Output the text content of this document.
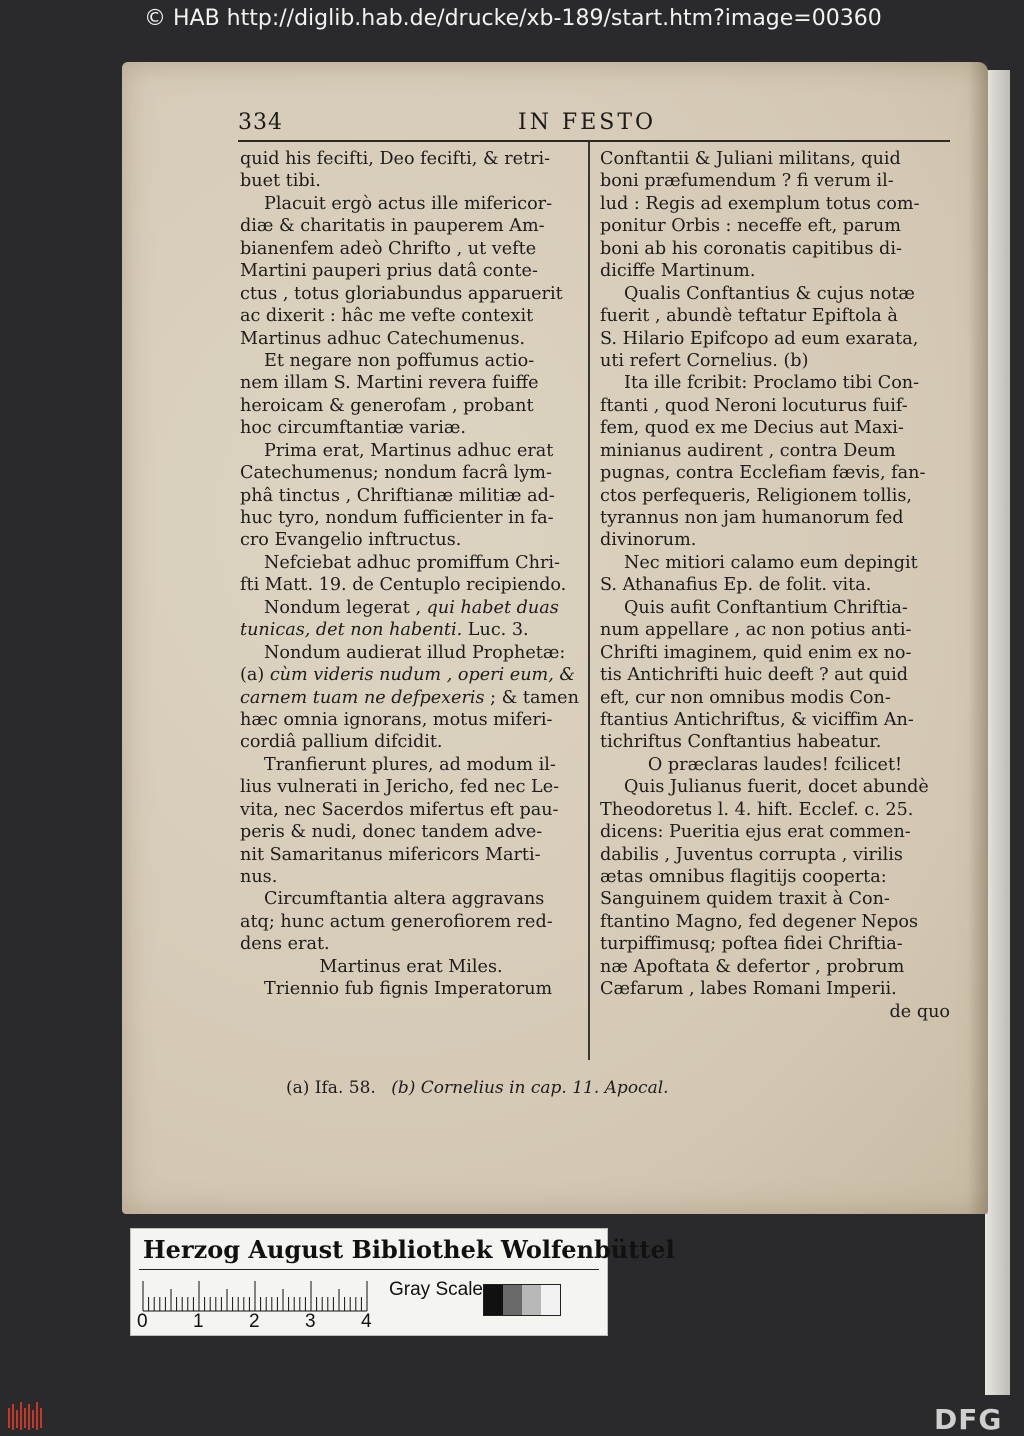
334	IN FESTO
quid his fecifti, Deo fecifti, & retri-
buet tibi.
Placuit ergò actus ille mifericor-
diæ & charitatis in pauperem Am-
bianenfem adeò Chrifto , ut vefte
Martini pauperi prius datâ conte-
ctus , totus gloriabundus apparuerit
ac dixerit : hâc me vefte contexit
Martinus adhuc Catechumenus.
Et negare non poffumus actio-
nem illam S. Martini revera fuiffe
heroicam & generofam , probant
hoc circumftantiæ variæ.
Prima erat, Martinus adhuc erat
Catechumenus; nondum facrâ lym-
phâ tinctus , Chriftianæ militiæ ad-
huc tyro, nondum fufficienter in fa-
cro Evangelio inftructus.
Nefciebat adhuc promiffum Chri-
fti Matt. 19. de Centuplo recipiendo.
Nondum legerat , qui habet duas
tunicas, det non habenti. Luc. 3.
Nondum audierat illud Prophetæ:
(a) cùm videris nudum , operi eum, &
carnem tuam ne defpexeris ; & tamen
hæc omnia ignorans, motus miferi-
cordiâ pallium difcidit.
Tranfierunt plures, ad modum il-
lius vulnerati in Jericho, fed nec Le-
vita, nec Sacerdos mifertus eft pau-
peris & nudi, donec tandem adve-
nit Samaritanus mifericors Marti-
nus.
Circumftantia altera aggravans
atq; hunc actum generofiorem red-
dens erat.
Martinus erat Miles.
Triennio fub fignis Imperatorum
Conftantii & Juliani militans, quid
boni præfumendum ? fi verum il-
lud : Regis ad exemplum totus com-
ponitur Orbis : neceffe eft, parum
boni ab his coronatis capitibus di-
diciffe Martinum.
Qualis Conftantius & cujus notæ
fuerit , abundè teftatur Epiftola à
S. Hilario Epifcopo ad eum exarata,
uti refert Cornelius. (b)
Ita ille fcribit: Proclamo tibi Con-
ftanti , quod Neroni locuturus fuif-
fem, quod ex me Decius aut Maxi-
minianus audirent , contra Deum
pugnas, contra Ecclefiam fævis, fan-
ctos perfequeris, Religionem tollis,
tyrannus non jam humanorum fed
divinorum.
Nec mitiori calamo eum depingit
S. Athanafius Ep. de folit. vita.
Quis aufit Conftantium Chriftia-
num appellare , ac non potius anti-
Chrifti imaginem, quid enim ex no-
tis Antichrifti huic deeft ? aut quid
eft, cur non omnibus modis Con-
ftantius Antichriftus, & viciffim An-
tichriftus Conftantius habeatur.
O præclaras laudes! fcilicet!
Quis Julianus fuerit, docet abundè
Theodoretus l. 4. hift. Ecclef. c. 25.
dicens: Pueritia ejus erat commen-
dabilis , Juventus corrupta , virilis
ætas omnibus flagitijs cooperta:
Sanguinem quidem traxit à Con-
ftantino Magno, fed degener Nepos
turpiffimusq; poftea fidei Chriftia-
næ Apoftata & defertor , probrum
Cæfarum , labes Romani Imperii.
de quo
(a) Ifa. 58. (b) Cornelius in cap. 11. Apocal.
Herzog August Bibliothek Wolfenbüttel
0 1 2 3 4
Gray Scale
© HAB http://diglib.hab.de/drucke/xb-189/start.htm?image=00360
DFG
